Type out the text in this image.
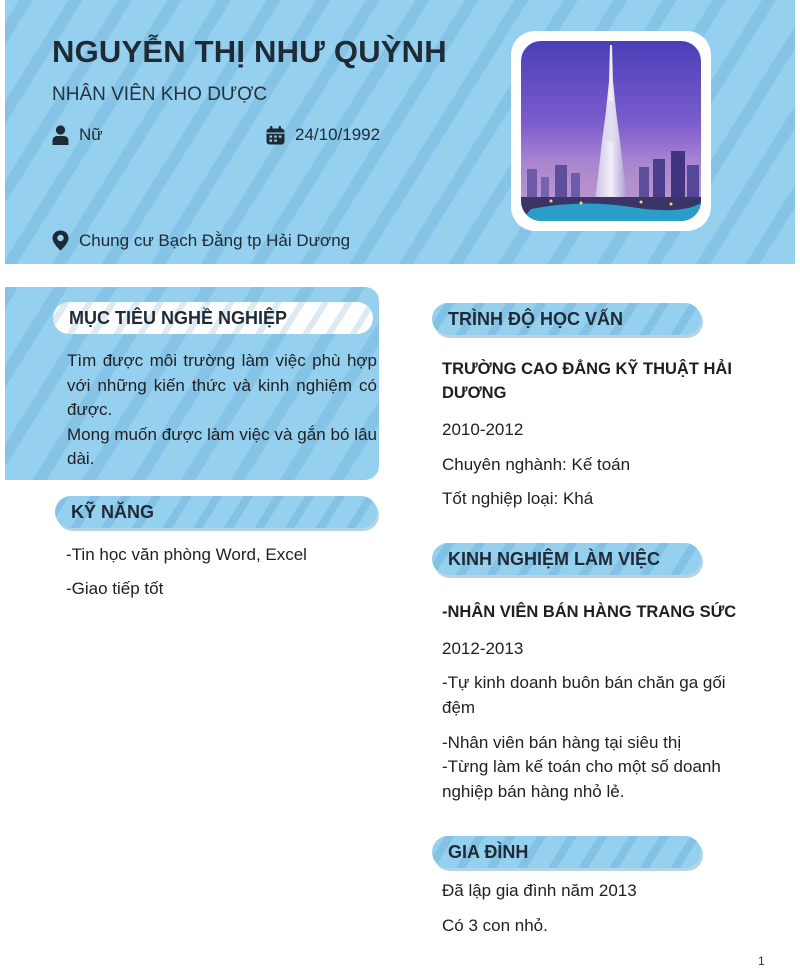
NGUYỄN THỊ NHƯ QUỲNH
NHÂN VIÊN KHO DƯỢC
Nữ	24/10/1992
Chung cư Bạch Đằng tp Hải Dương
MỤC TIÊU NGHỀ NGHIỆP

Tìm được môi trường làm việc phù hợp với những kiến thức và kinh nghiệm có được.

Mong muốn được làm việc và gắn bó lâu dài.

KỸ NĂNG
-Tin học văn phòng Word, Excel
-Giao tiếp tốt
TRÌNH ĐỘ HỌC VẤN
TRƯỜNG CAO ĐẲNG KỸ THUẬT HẢI DƯƠNG
2010-2012
Chuyên nghành: Kế toán
Tốt nghiệp loại: Khá
KINH NGHIỆM LÀM VIỆC
-NHÂN VIÊN BÁN HÀNG TRANG SỨC
2012-2013
-Tự kinh doanh buôn bán chăn ga gối đệm
-Nhân viên bán hàng tại siêu thị
-Từng làm kế toán cho một số doanh nghiệp bán hàng nhỏ lẻ.
GIA ĐÌNH
Đã lập gia đình năm 2013
Có 3 con nhỏ.
1
